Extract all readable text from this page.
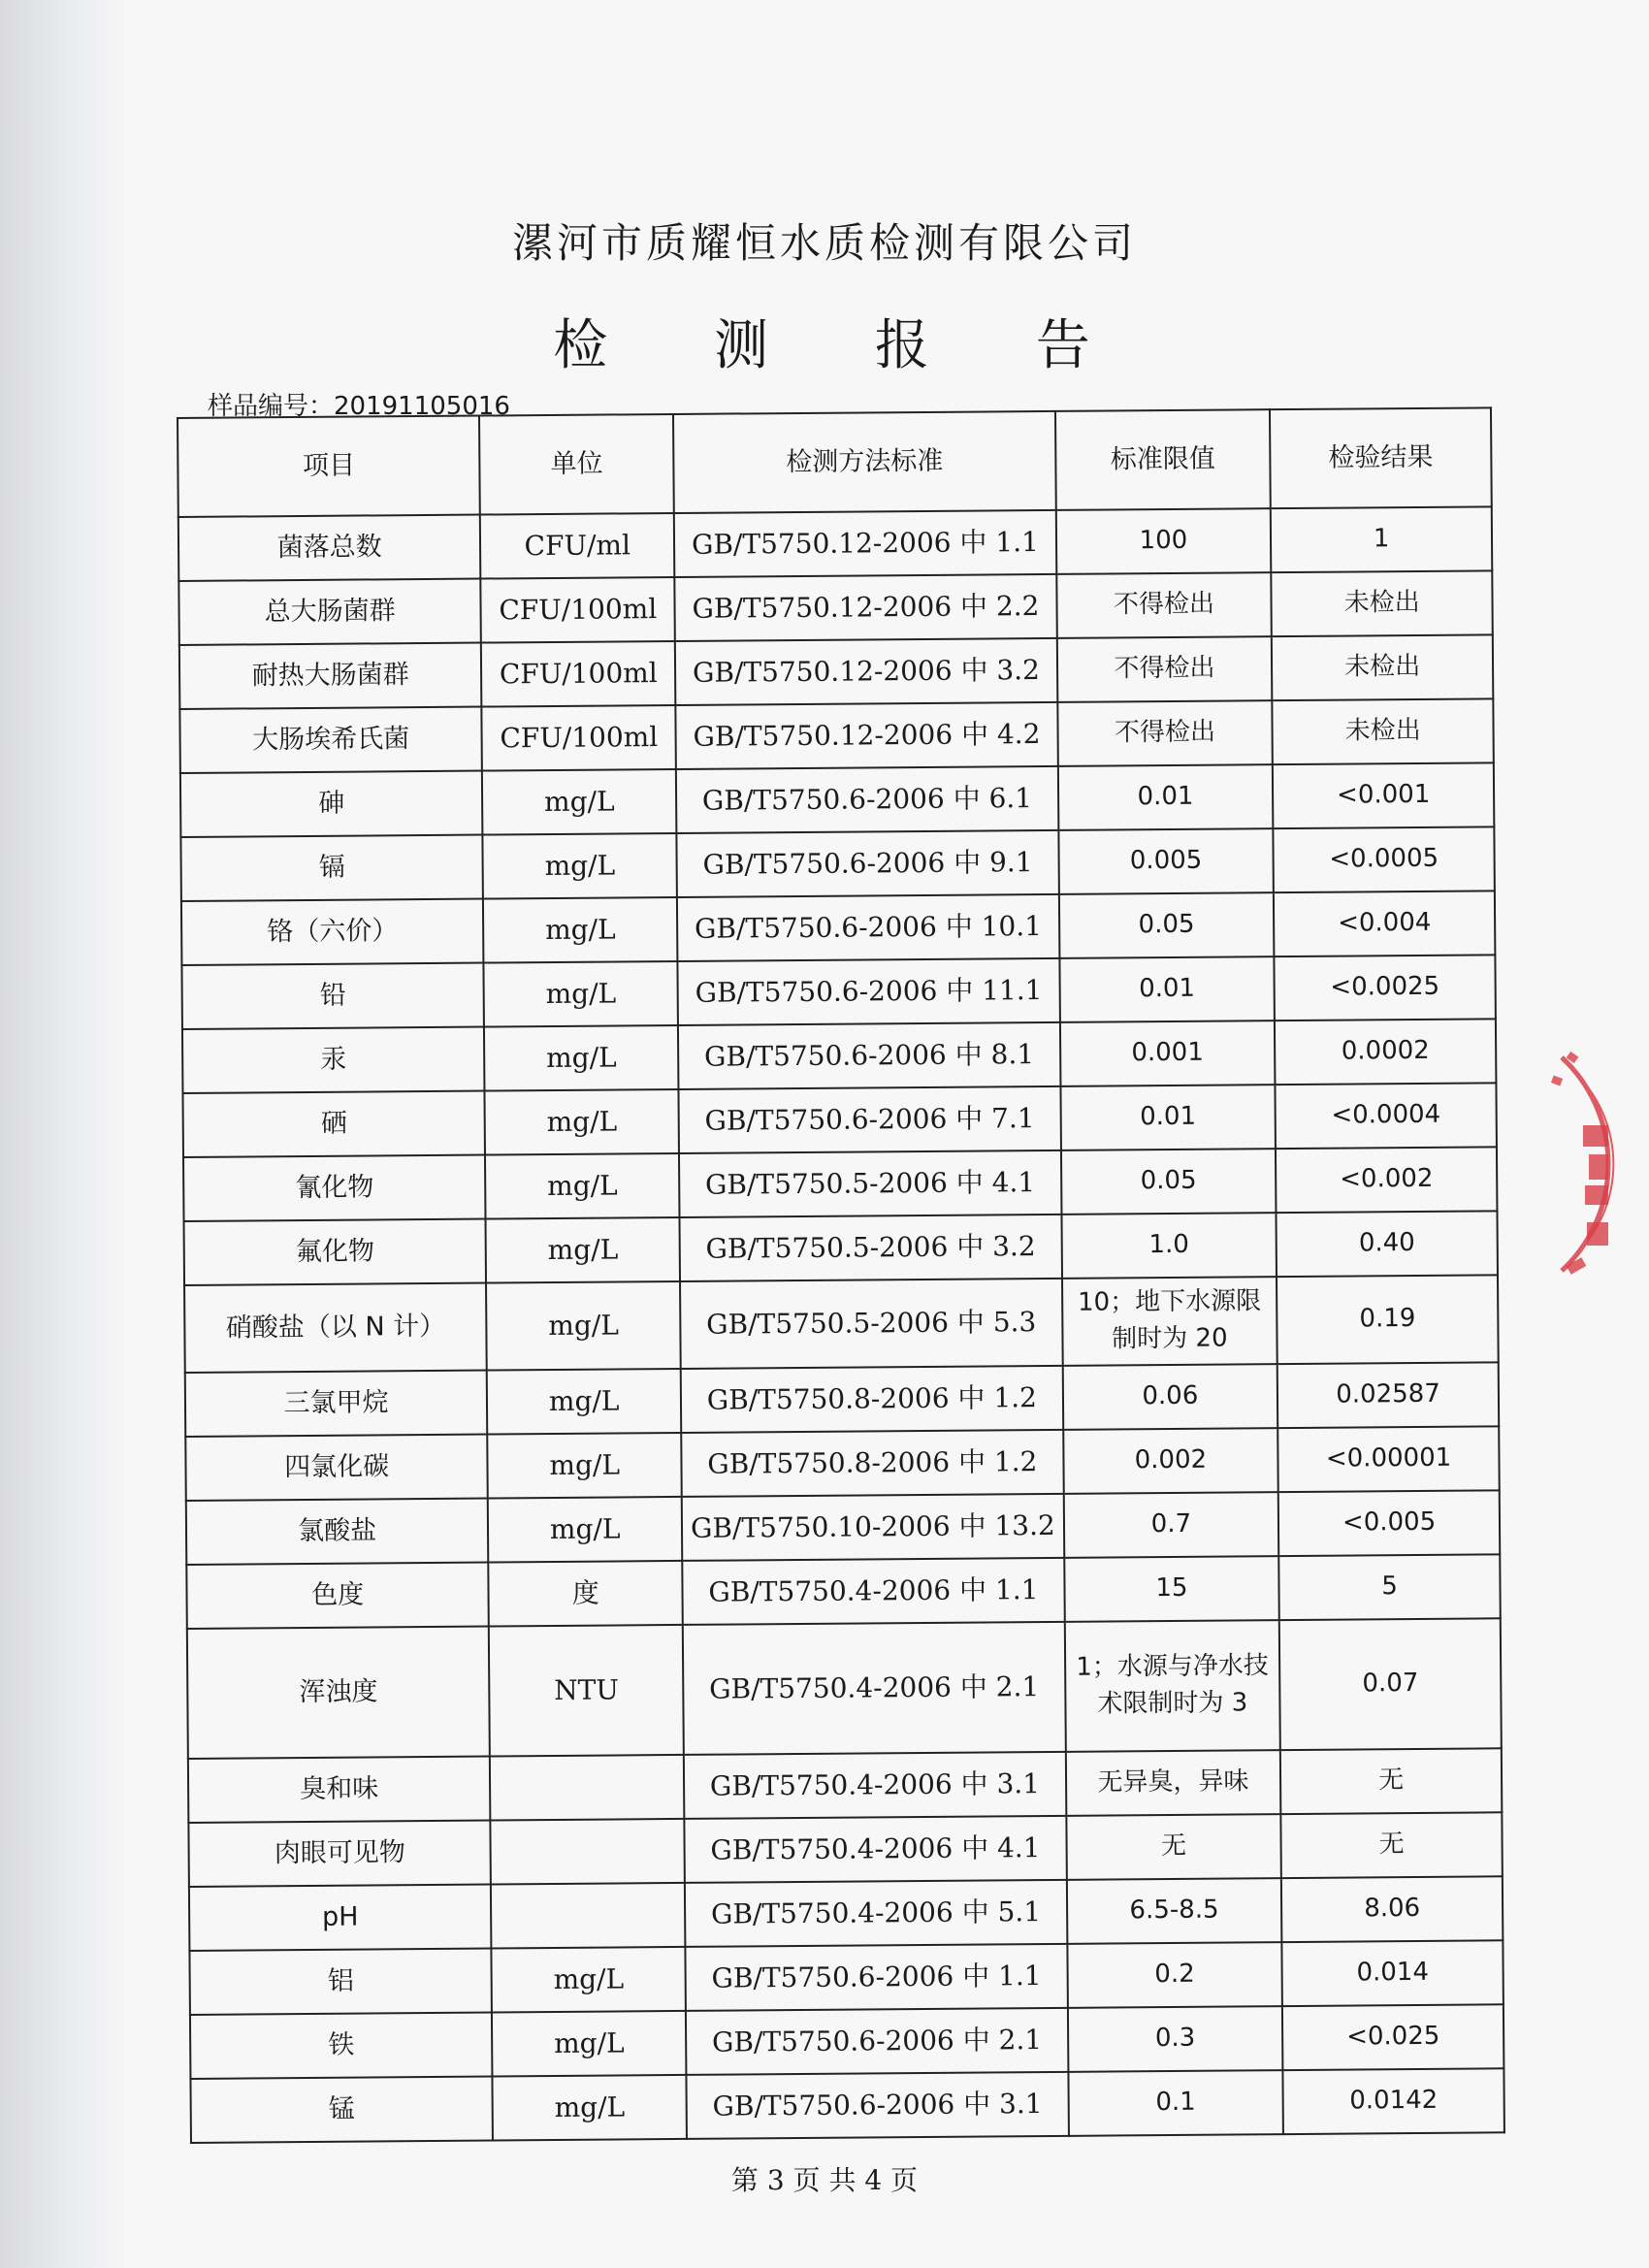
漯河市质耀恒水质检测有限公司
检 测 报 告
样品编号：20191105016
项目	单位	检测方法标准	标准限值	检验结果
菌落总数	CFU/ml	GB/T5750.12-2006 中 1.1	100	1
总大肠菌群	CFU/100ml	GB/T5750.12-2006 中 2.2	不得检出	未检出
耐热大肠菌群	CFU/100ml	GB/T5750.12-2006 中 3.2	不得检出	未检出
大肠埃希氏菌	CFU/100ml	GB/T5750.12-2006 中 4.2	不得检出	未检出
砷	mg/L	GB/T5750.6-2006 中 6.1	0.01	<0.001
镉	mg/L	GB/T5750.6-2006 中 9.1	0.005	<0.0005
铬（六价）	mg/L	GB/T5750.6-2006 中 10.1	0.05	<0.004
铅	mg/L	GB/T5750.6-2006 中 11.1	0.01	<0.0025
汞	mg/L	GB/T5750.6-2006 中 8.1	0.001	0.0002
硒	mg/L	GB/T5750.6-2006 中 7.1	0.01	<0.0004
氰化物	mg/L	GB/T5750.5-2006 中 4.1	0.05	<0.002
氟化物	mg/L	GB/T5750.5-2006 中 3.2	1.0	0.40
硝酸盐（以 N 计）	mg/L	GB/T5750.5-2006 中 5.3	10；地下水源限制时为 20	0.19
三氯甲烷	mg/L	GB/T5750.8-2006 中 1.2	0.06	0.02587
四氯化碳	mg/L	GB/T5750.8-2006 中 1.2	0.002	<0.00001
氯酸盐	mg/L	GB/T5750.10-2006 中 13.2	0.7	<0.005
色度	度	GB/T5750.4-2006 中 1.1	15	5
浑浊度	NTU	GB/T5750.4-2006 中 2.1	1；水源与净水技术限制时为 3	0.07
臭和味		GB/T5750.4-2006 中 3.1	无异臭，异味	无
肉眼可见物		GB/T5750.4-2006 中 4.1	无	无
pH		GB/T5750.4-2006 中 5.1	6.5-8.5	8.06
铝	mg/L	GB/T5750.6-2006 中 1.1	0.2	0.014
铁	mg/L	GB/T5750.6-2006 中 2.1	0.3	<0.025
锰	mg/L	GB/T5750.6-2006 中 3.1	0.1	0.0142
第 3 页 共 4 页
